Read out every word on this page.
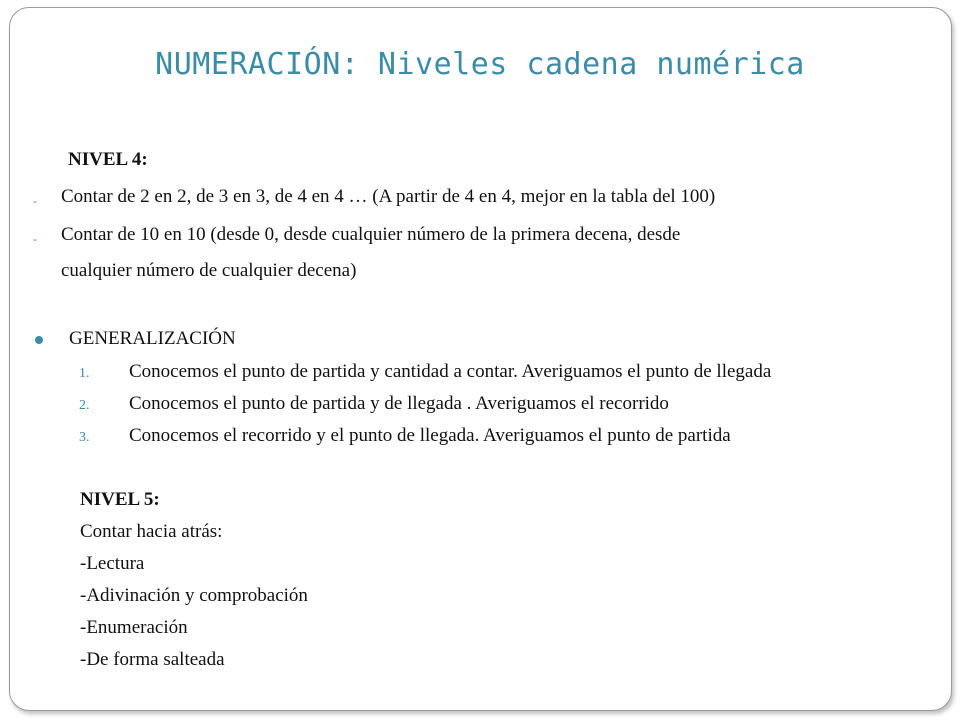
NUMERACIÓN: Niveles cadena numérica
NIVEL 4:
- Contar de 2 en 2, de 3 en 3, de 4 en 4 … (A partir de 4 en 4, mejor en la tabla del 100)
- Contar de 10 en 10 (desde 0, desde cualquier número de la primera decena, desde
cualquier número de cualquier decena)
GENERALIZACIÓN
1. Conocemos el punto de partida y cantidad a contar. Averiguamos el punto de llegada
2. Conocemos el punto de partida y de llegada . Averiguamos el recorrido
3. Conocemos el recorrido y el punto de llegada. Averiguamos el punto de partida
NIVEL 5:
Contar hacia atrás:
-Lectura
-Adivinación y comprobación
-Enumeración
-De forma salteada
